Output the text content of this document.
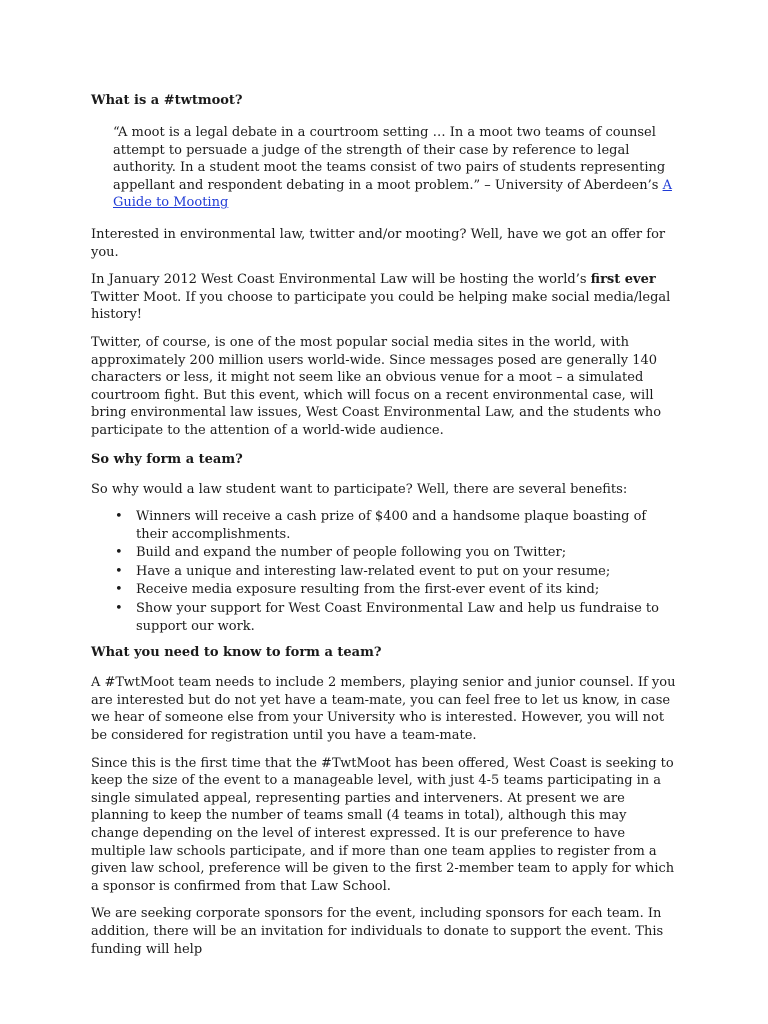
What is a #twtmoot?

“A moot is a legal debate in a courtroom setting … In a moot two teams of counsel attempt to persuade a judge of the strength of their case by reference to legal authority. In a student moot the teams consist of two pairs of students representing appellant and respondent debating in a moot problem.” – University of Aberdeen’s A Guide to Mooting

Interested in environmental law, twitter and/or mooting? Well, have we got an offer for you.

In January 2012 West Coast Environmental Law will be hosting the world’s first ever Twitter Moot. If you choose to participate you could be helping make social media/legal history!

Twitter, of course, is one of the most popular social media sites in the world, with approximately 200 million users world-wide. Since messages posed are generally 140 characters or less, it might not seem like an obvious venue for a moot – a simulated courtroom fight. But this event, which will focus on a recent environmental case, will bring environmental law issues, West Coast Environmental Law, and the students who participate to the attention of a world-wide audience.

So why form a team?

So why would a law student want to participate? Well, there are several benefits:

• Winners will receive a cash prize of $400 and a handsome plaque boasting of their accomplishments.
• Build and expand the number of people following you on Twitter;
• Have a unique and interesting law-related event to put on your resume;
• Receive media exposure resulting from the first-ever event of its kind;
• Show your support for West Coast Environmental Law and help us fundraise to support our work.
What you need to know to form a team?

A #TwtMoot team needs to include 2 members, playing senior and junior counsel. If you are interested but do not yet have a team-mate, you can feel free to let us know, in case we hear of someone else from your University who is interested. However, you will not be considered for registration until you have a team-mate.

Since this is the first time that the #TwtMoot has been offered, West Coast is seeking to keep the size of the event to a manageable level, with just 4-5 teams participating in a single simulated appeal, representing parties and interveners. At present we are planning to keep the number of teams small (4 teams in total), although this may change depending on the level of interest expressed. It is our preference to have multiple law schools participate, and if more than one team applies to register from a given law school, preference will be given to the first 2-member team to apply for which a sponsor is confirmed from that Law School.

We are seeking corporate sponsors for the event, including sponsors for each team. In addition, there will be an invitation for individuals to donate to support the event. This funding will help
